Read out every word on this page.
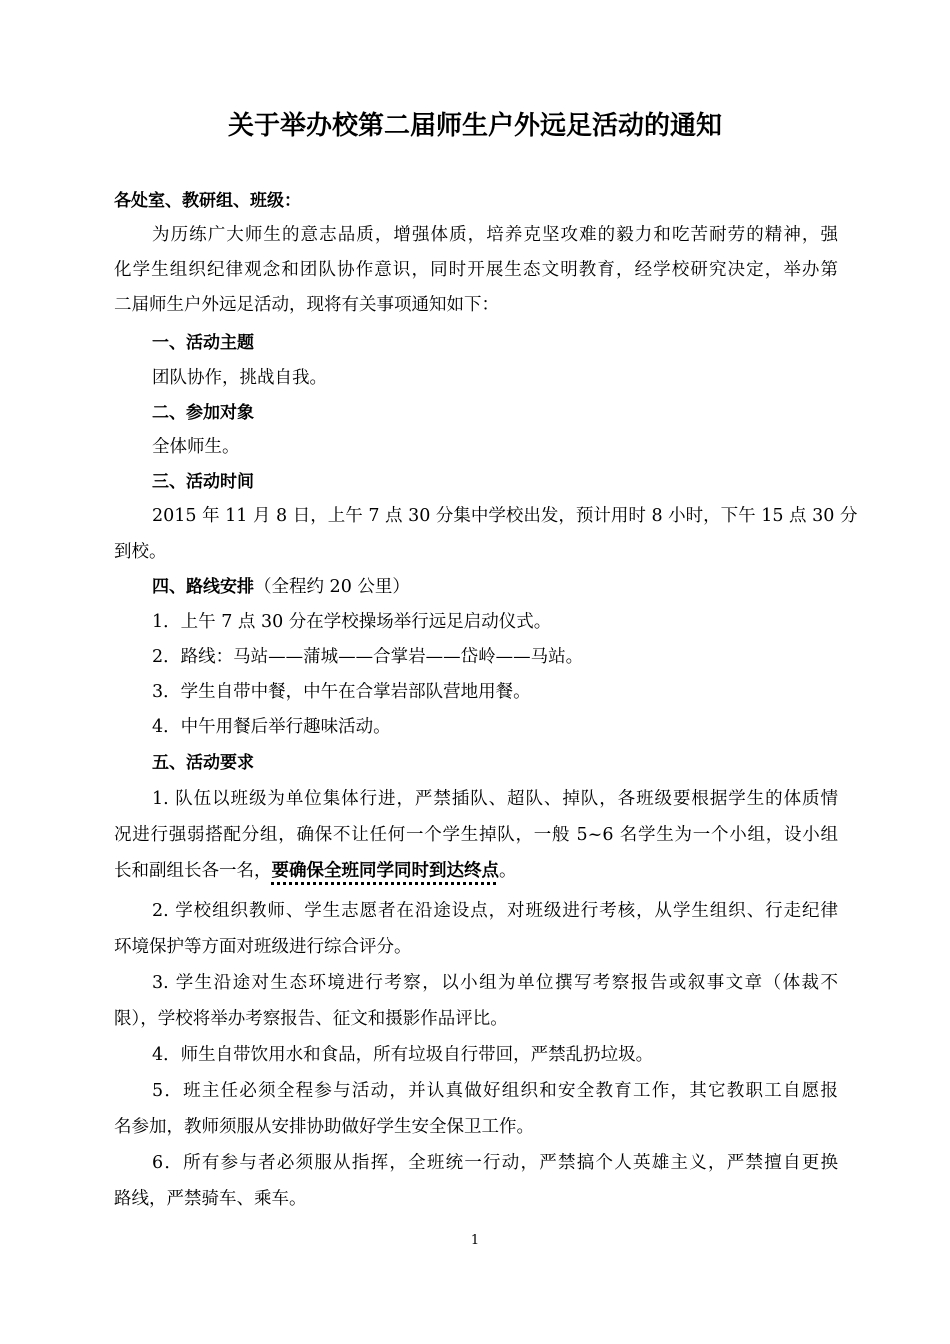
关于举办校第二届师生户外远足活动的通知
各处室、教研组、班级：
为历练广大师生的意志品质，增强体质，培养克坚攻难的毅力和吃苦耐劳的精神，强
化学生组织纪律观念和团队协作意识，同时开展生态文明教育，经学校研究决定，举办第
二届师生户外远足活动，现将有关事项通知如下：
一、活动主题
团队协作，挑战自我。
二、参加对象
全体师生。
三、活动时间
2015 年 11 月 8 日，上午 7 点 30 分集中学校出发，预计用时 8 小时，下午 15 点 30 分
到校。
四、路线安排（全程约 20 公里）
1．上午 7 点 30 分在学校操场举行远足启动仪式。
2．路线：马站——蒲城——合掌岩——岱岭——马站。
3．学生自带中餐，中午在合掌岩部队营地用餐。
4．中午用餐后举行趣味活动。
五、活动要求
1. 队伍以班级为单位集体行进，严禁插队、超队、掉队，各班级要根据学生的体质情
况进行强弱搭配分组，确保不让任何一个学生掉队，一般 5~6 名学生为一个小组，设小组
长和副组长各一名，要确保全班同学同时到达终点。
2. 学校组织教师、学生志愿者在沿途设点，对班级进行考核，从学生组织、行走纪律
环境保护等方面对班级进行综合评分。
3. 学生沿途对生态环境进行考察，以小组为单位撰写考察报告或叙事文章（体裁不
限），学校将举办考察报告、征文和摄影作品评比。
4．师生自带饮用水和食品，所有垃圾自行带回，严禁乱扔垃圾。
5．班主任必须全程参与活动，并认真做好组织和安全教育工作，其它教职工自愿报
名参加，教师须服从安排协助做好学生安全保卫工作。
6．所有参与者必须服从指挥，全班统一行动，严禁搞个人英雄主义，严禁擅自更换
路线，严禁骑车、乘车。
1
